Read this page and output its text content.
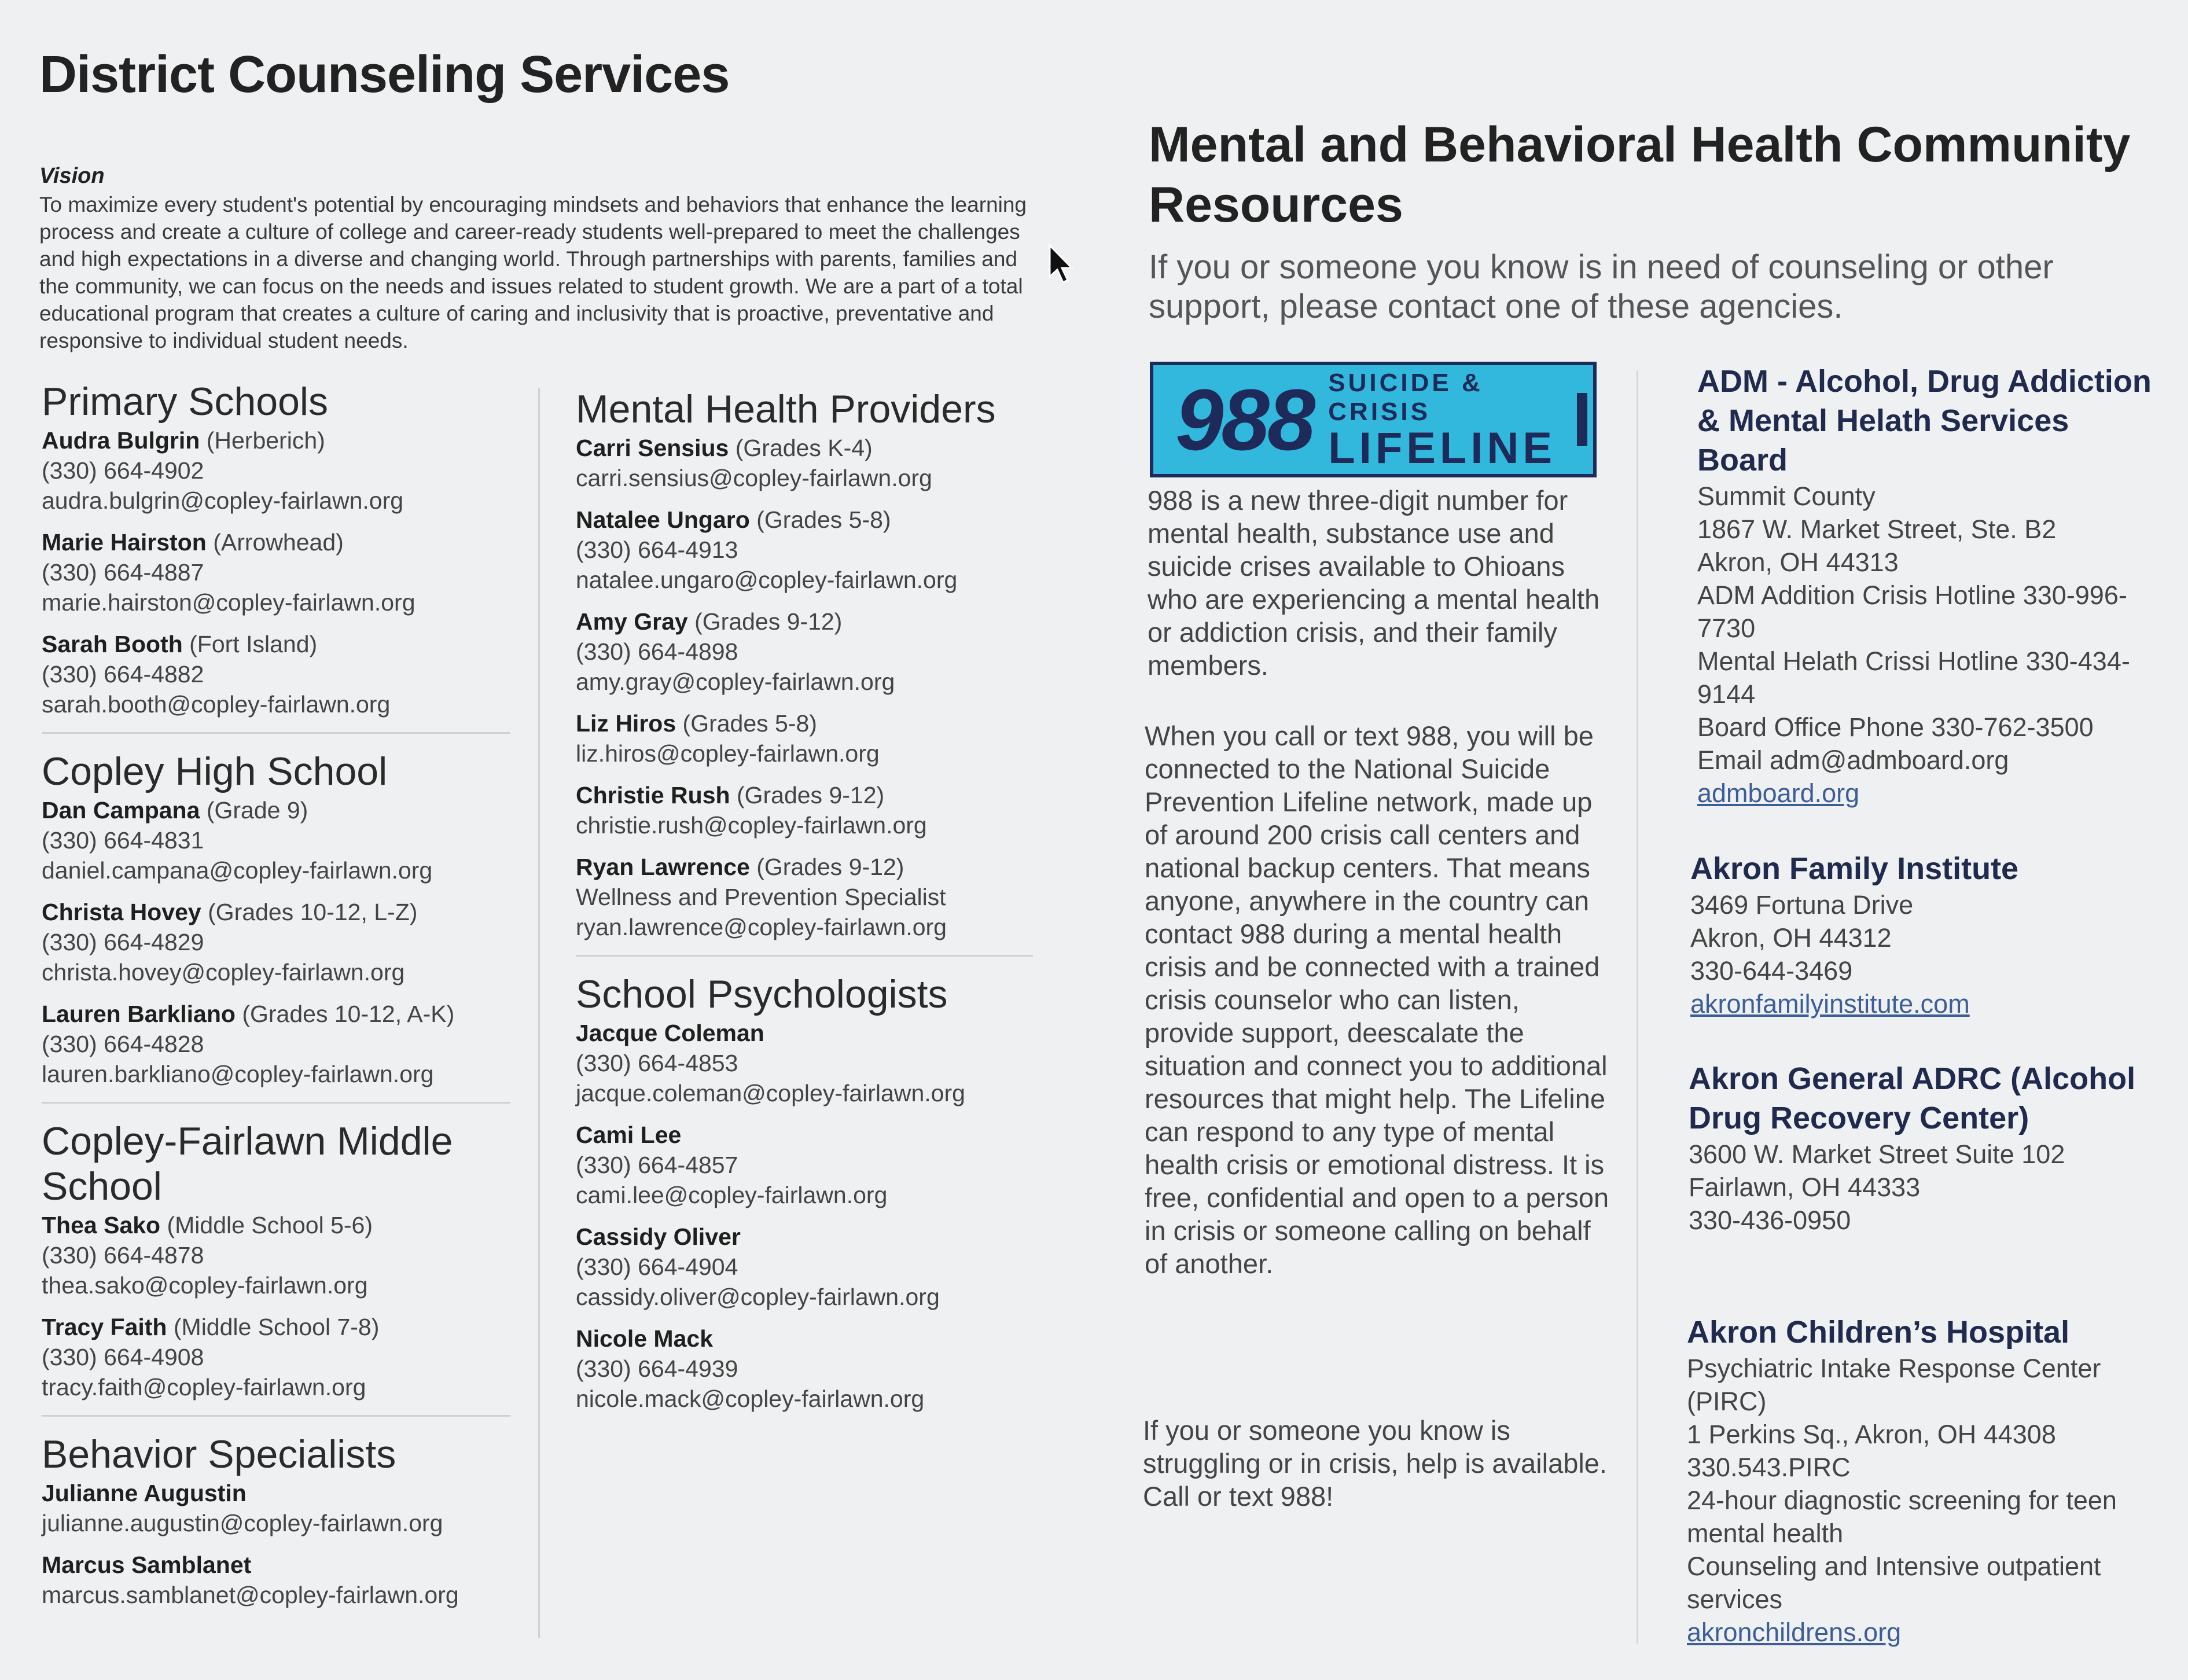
District Counseling Services
Vision
To maximize every student's potential by encouraging mindsets and behaviors that enhance the learning process and create a culture of college and career-ready students well-prepared to meet the challenges and high expectations in a diverse and changing world. Through partnerships with parents, families and the community, we can focus on the needs and issues related to student growth. We are a part of a total educational program that creates a culture of caring and inclusivity that is proactive, preventative and responsive to individual student needs.
Primary Schools
Audra Bulgrin (Herberich)
(330) 664-4902
audra.bulgrin@copley-fairlawn.org
Marie Hairston (Arrowhead)
(330) 664-4887
marie.hairston@copley-fairlawn.org
Sarah Booth (Fort Island)
(330) 664-4882
sarah.booth@copley-fairlawn.org
Copley High School
Dan Campana (Grade 9)
(330) 664-4831
daniel.campana@copley-fairlawn.org
Christa Hovey (Grades 10-12, L-Z)
(330) 664-4829
christa.hovey@copley-fairlawn.org
Lauren Barkliano (Grades 10-12, A-K)
(330) 664-4828
lauren.barkliano@copley-fairlawn.org
Copley-Fairlawn Middle School
Thea Sako (Middle School 5-6)
(330) 664-4878
thea.sako@copley-fairlawn.org
Tracy Faith (Middle School 7-8)
(330) 664-4908
tracy.faith@copley-fairlawn.org
Behavior Specialists
Julianne Augustin
julianne.augustin@copley-fairlawn.org
Marcus Samblanet
marcus.samblanet@copley-fairlawn.org
Mental Health Providers
Carri Sensius (Grades K-4)
carri.sensius@copley-fairlawn.org
Natalee Ungaro (Grades 5-8)
(330) 664-4913
natalee.ungaro@copley-fairlawn.org
Amy Gray (Grades 9-12)
(330) 664-4898
amy.gray@copley-fairlawn.org
Liz Hiros (Grades 5-8)
liz.hiros@copley-fairlawn.org
Christie Rush (Grades 9-12)
christie.rush@copley-fairlawn.org
Ryan Lawrence (Grades 9-12)
Wellness and Prevention Specialist
ryan.lawrence@copley-fairlawn.org
School Psychologists
Jacque Coleman
(330) 664-4853
jacque.coleman@copley-fairlawn.org
Cami Lee
(330) 664-4857
cami.lee@copley-fairlawn.org
Cassidy Oliver
(330) 664-4904
cassidy.oliver@copley-fairlawn.org
Nicole Mack
(330) 664-4939
nicole.mack@copley-fairlawn.org
Mental and Behavioral Health Community Resources
If you or someone you know is in need of counseling or other support, please contact one of these agencies.
988 SUICIDE & CRISIS
LIFELINE
988 is a new three-digit number for mental health, substance use and suicide crises available to Ohioans who are experiencing a mental health or addiction crisis, and their family members.
When you call or text 988, you will be connected to the National Suicide Prevention Lifeline network, made up of around 200 crisis call centers and national backup centers. That means anyone, anywhere in the country can contact 988 during a mental health crisis and be connected with a trained crisis counselor who can listen, provide support, deescalate the situation and connect you to additional resources that might help. The Lifeline can respond to any type of mental health crisis or emotional distress. It is free, confidential and open to a person in crisis or someone calling on behalf of another.
If you or someone you know is struggling or in crisis, help is available. Call or text 988!
ADM - Alcohol, Drug Addiction & Mental Helath Services Board
Summit County
1867 W. Market Street, Ste. B2
Akron, OH 44313
ADM Addition Crisis Hotline 330-996-7730
Mental Helath Crissi Hotline 330-434-9144
Board Office Phone 330-762-3500
Email adm@admboard.org
admboard.org
Akron Family Institute
3469 Fortuna Drive
Akron, OH 44312
330-644-3469
akronfamilyinstitute.com
Akron General ADRC (Alcohol Drug Recovery Center)
3600 W. Market Street Suite 102
Fairlawn, OH 44333
330-436-0950
Akron Children’s Hospital
Psychiatric Intake Response Center (PIRC)
1 Perkins Sq., Akron, OH 44308
330.543.PIRC
24-hour diagnostic screening for teen mental health
Counseling and Intensive outpatient services
akronchildrens.org
